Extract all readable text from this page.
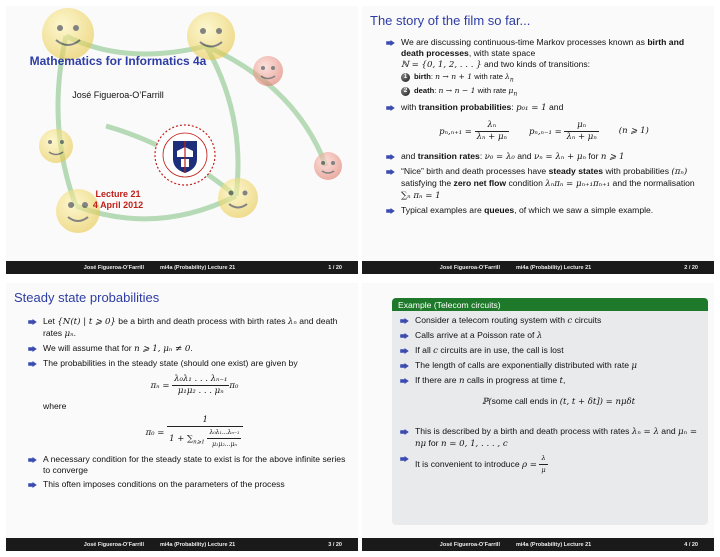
Mathematics for Informatics 4a
José Figueroa-O’Farrill
Lecture 21
4 April 2012
José Figueroa-O’Farrill	mi4a (Probability) Lecture 21	1 / 20
The story of the film so far...
We are discussing continuous-time Markov processes known as birth and death processes, with state space
ℕ = {0, 1, 2, . . . } and two kinds of transitions:
1 birth: n → n + 1 with rate $\lambda_n$
2 death: n → n − 1 with rate $\mu_n$
with transition probabilities: p₀₁ = 1 and
$p_n,_{n+1} = \frac{\text{λₙ}}{\text{λₙ + μₙ}} p_n,_{n-1} = \frac{\text{μₙ}}{\text{λₙ + μₙ}} (n$ ⩾ 1)
and transition rates: ν₀ = λ₀ and νₙ = λₙ + μₙ for n ⩾ 1
“Nice” birth and death processes have steady states with probabilities (πₙ) satisfying the zero net flow condition λₙπₙ = μₙ₊₁πₙ₊₁ and the normalisation ∑ₙ πₙ = 1
Typical examples are queues, of which we saw a simple example.
José Figueroa-O’Farrill	mi4a (Probability) Lecture 21	2 / 20
Steady state probabilities
Let {N(t) | t ⩾ 0} be a birth and death process with birth rates λₙ and death rates μₙ.
We will assume that for n ⩾ 1, μₙ ≠ 0.
The probabilities in the steady state (should one exist) are given by
$\pi_n = \frac{\text{λ₀λ₁ . . . λₙ₋₁}}{\text{μ₁μ₂ . . . μₙ}} \pi_0$
where
$\pi_0 = \frac{1}{1 + \sum_{n⩾1} \frac{\text{λ₀λ₁...λₙ₋₁}}{\text{μ₁μ₂...μₙ}}}$
A necessary condition for the steady state to exist is for the above infinite series to converge
This often imposes conditions on the parameters of the process
José Figueroa-O’Farrill	mi4a (Probability) Lecture 21	3 / 20
Example (Telecom circuits)
Consider a telecom routing system with c circuits
Calls arrive at a Poisson rate of λ
If all c circuits are in use, the call is lost
The length of calls are exponentially distributed with rate μ
If there are n calls in progress at time t,
ℙ(some call ends in (t, t + δt]) = nμδt
This is described by a birth and death process with rates λₙ = λ and μₙ = nμ for n = 0, 1, . . . , c
It is convenient to introduce $\rho = \frac{\lambda}{\mu}$
José Figueroa-O’Farrill	mi4a (Probability) Lecture 21	4 / 20
